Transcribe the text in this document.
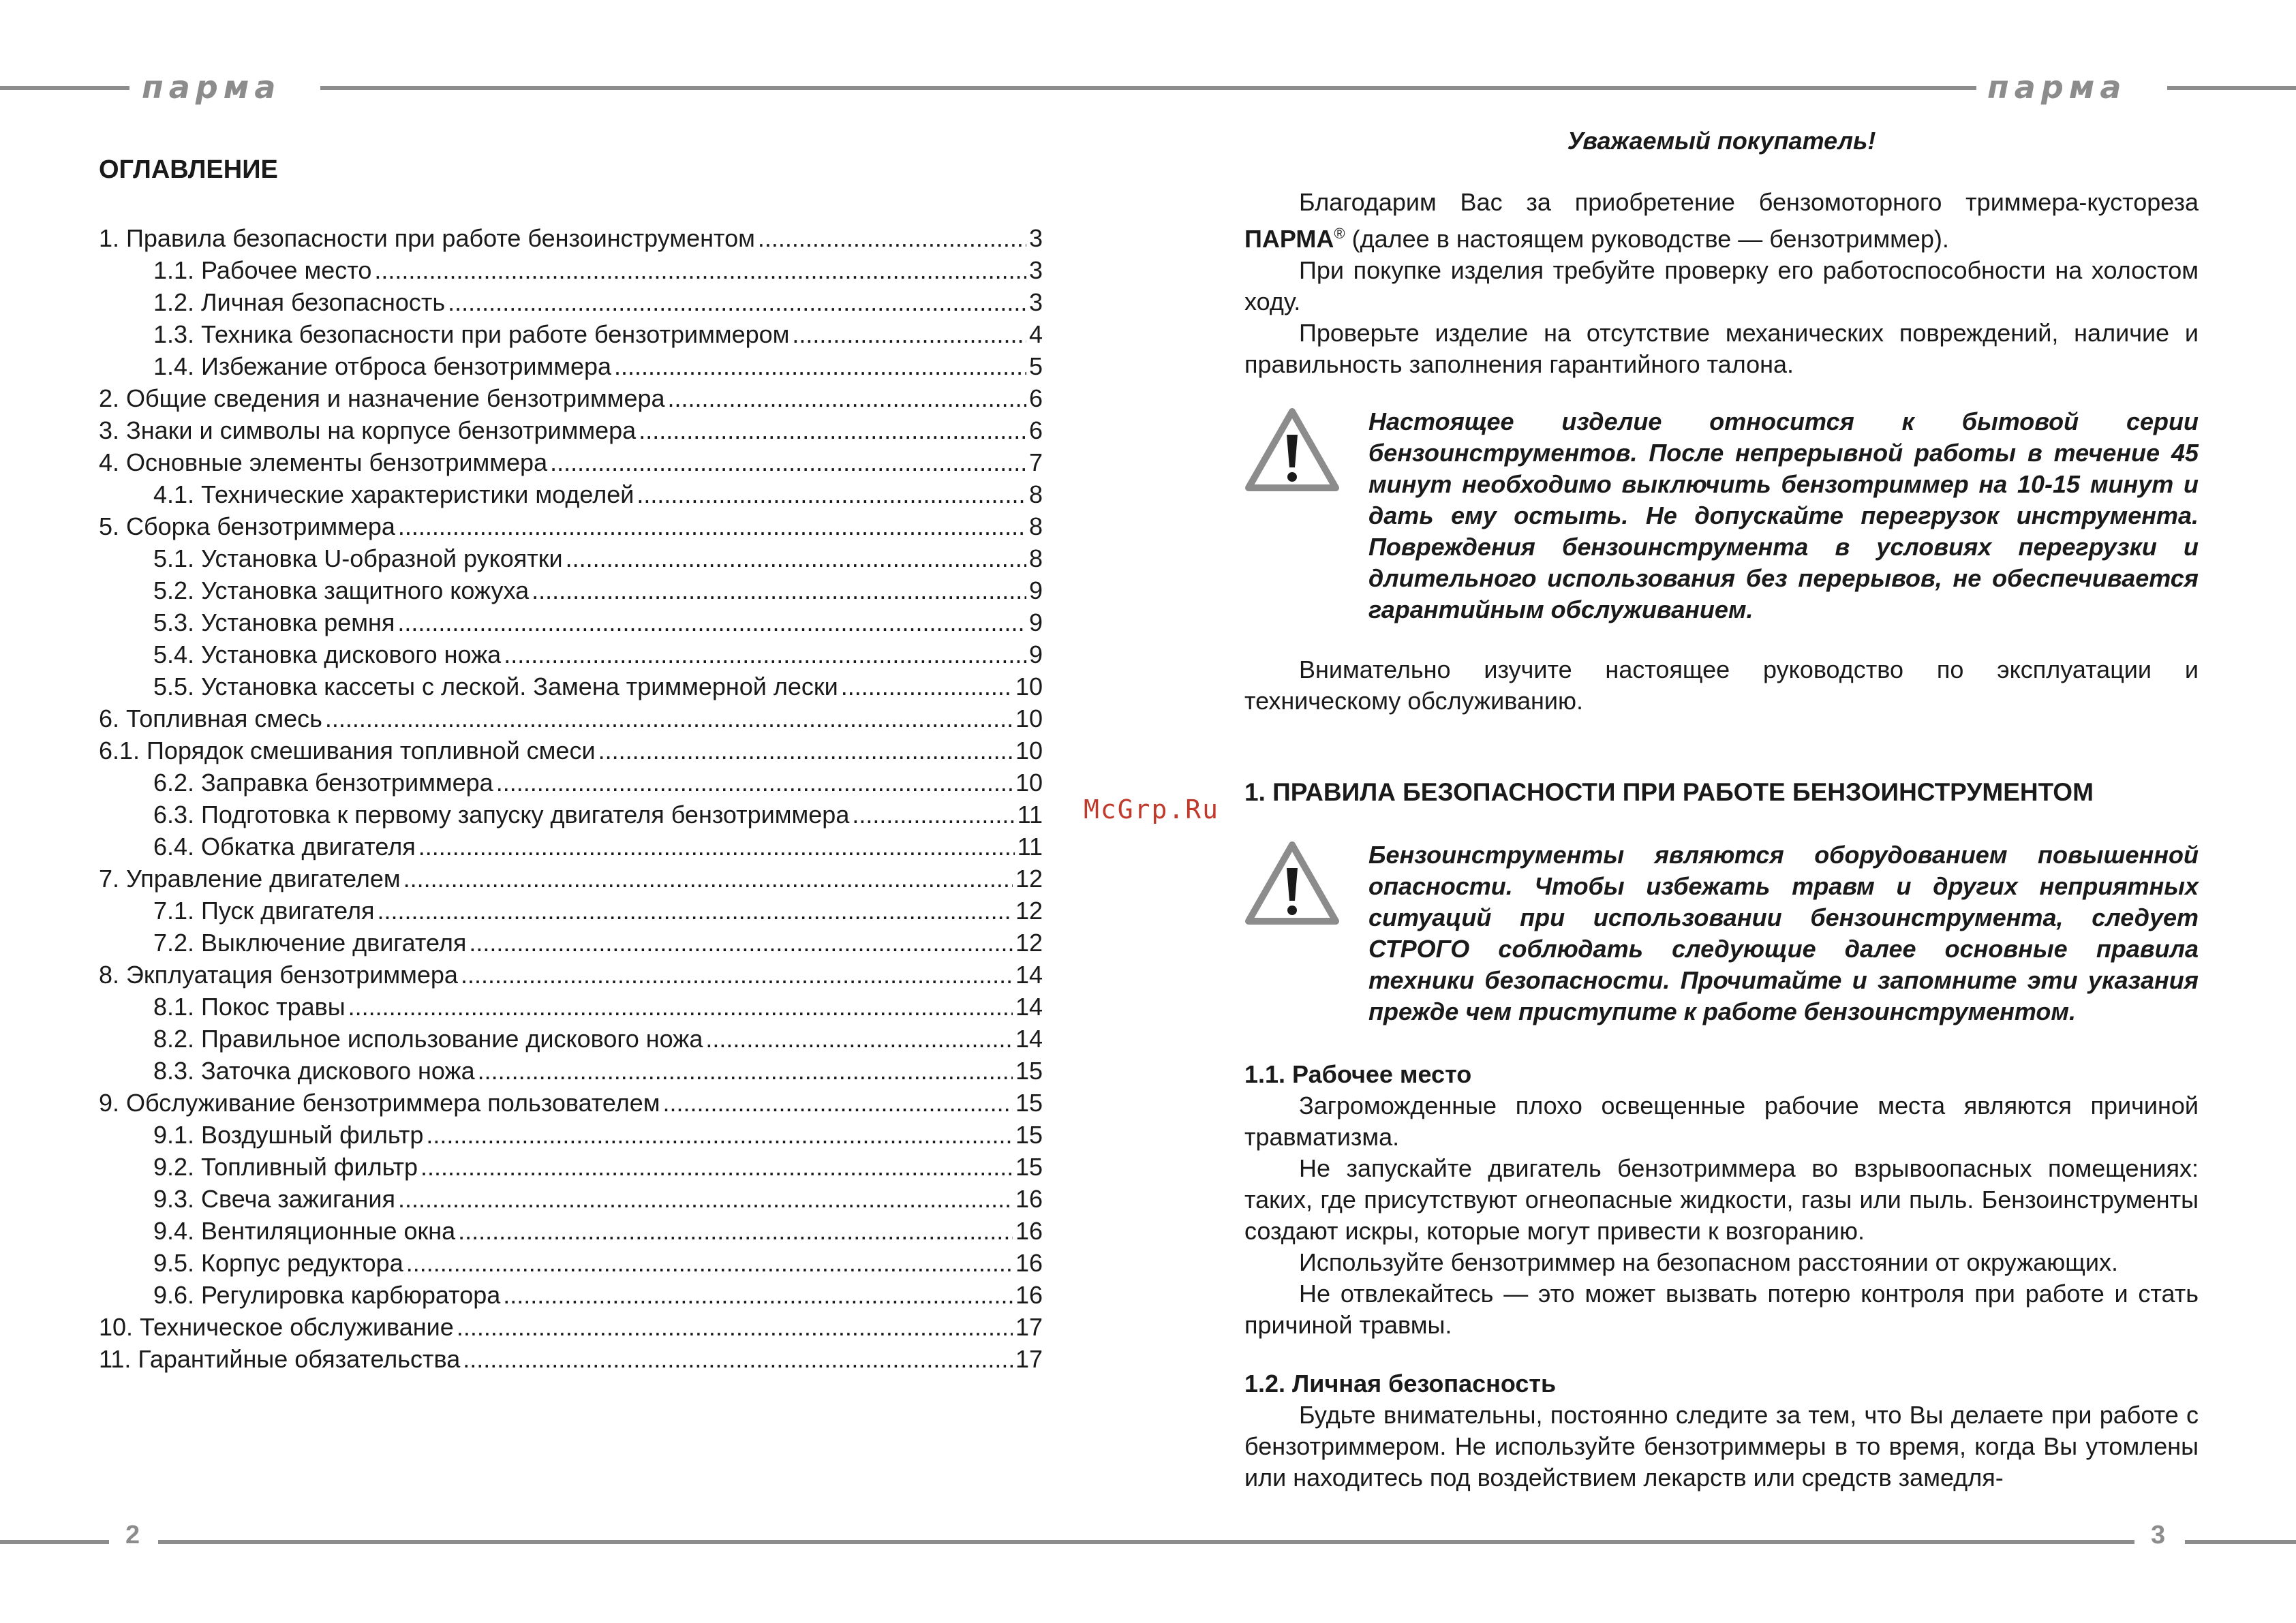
парма	парма
2	3
McGrp.Ru
ОГЛАВЛЕНИЕ
1. Правила безопасности при работе бензоинструментом .....	3
1.1. Рабочее место .....	3
1.2. Личная безопасность .....	3
1.3. Техника безопасности при работе бензотриммером .....	4
1.4. Избежание отброса бензотриммера .....	5
2. Общие сведения и назначение бензотриммера .....	6
3. Знаки и символы на корпусе бензотриммера .....	6
4. Основные элементы бензотриммера .....	7
4.1. Технические характеристики моделей .....	8
5. Сборка бензотриммера .....	8
5.1. Установка U-образной рукоятки .....	8
5.2. Установка защитного кожуха .....	9
5.3. Установка ремня .....	9
5.4. Установка дискового ножа .....	9
5.5. Установка кассеты с леской. Замена триммерной лески .....	10
6. Топливная смесь .....	10
6.1. Порядок смешивания топливной смеси .....	10
6.2. Заправка бензотриммера .....	10
6.3. Подготовка к первому запуску двигателя бензотриммера .....	11
6.4. Обкатка двигателя .....	11
7. Управление двигателем .....	12
7.1. Пуск двигателя .....	12
7.2. Выключение двигателя .....	12
8. Экплуатация бензотриммера .....	14
8.1. Покос травы .....	14
8.2. Правильное использование дискового ножа .....	14
8.3. Заточка дискового ножа .....	15
9. Обслуживание бензотриммера пользователем .....	15
9.1. Воздушный фильтр .....	15
9.2. Топливный фильтр .....	15
9.3. Свеча зажигания .....	16
9.4. Вентиляционные окна .....	16
9.5. Корпус редуктора .....	16
9.6. Регулировка карбюратора .....	16
10. Техническое обслуживание .....	17
11. Гарантийные обязательства .....	17
Уважаемый покупатель!

Благодарим Вас за приобретение бензомоторного триммера-кустореза ПАРМА® (далее в настоящем руководстве — бензотриммер).

При покупке изделия требуйте проверку его работоспособности на холостом ходу.

Проверьте изделие на отсутствие механических повреждений, наличие и правильность заполнения гарантийного талона.

Настоящее изделие относится к бытовой серии бензоинструментов. После непрерывной работы в течение 45 минут необходимо выключить бензотриммер на 10-15 минут и дать ему остыть. Не допускайте перегрузок инструмента. Повреждения бензоинструмента в условиях перегрузки и длительного использования без перерывов, не обеспечивается гарантийным обслуживанием.

Внимательно изучите настоящее руководство по эксплуатации и техническому обслуживанию.

1. ПРАВИЛА БЕЗОПАСНОСТИ ПРИ РАБОТЕ БЕНЗОИНСТРУМЕНТОМ
Бензоинструменты являются оборудованием повышенной опасности. Чтобы избежать травм и других неприятных ситуаций при использовании бензоинструмента, следует СТРОГО соблюдать следующие далее основные правила техники безопасности. Прочитайте и запомните эти указания прежде чем приступите к работе бензоинструментом.

1.1. Рабочее место

Загроможденные плохо освещенные рабочие места являются причиной травматизма.

Не запускайте двигатель бензотриммера во взрывоопасных помещениях: таких, где присутствуют огнеопасные жидкости, газы или пыль. Бензоинструменты создают искры, которые могут привести к возгоранию.

Используйте бензотриммер на безопасном расстоянии от окружающих.

Не отвлекайтесь — это может вызвать потерю контроля при работе и стать причиной травмы.

1.2. Личная безопасность

Будьте внимательны, постоянно следите за тем, что Вы делаете при работе с бензотриммером. Не используйте бензотриммеры в то время, когда Вы утомлены или находитесь под воздействием лекарств или средств замедля-
